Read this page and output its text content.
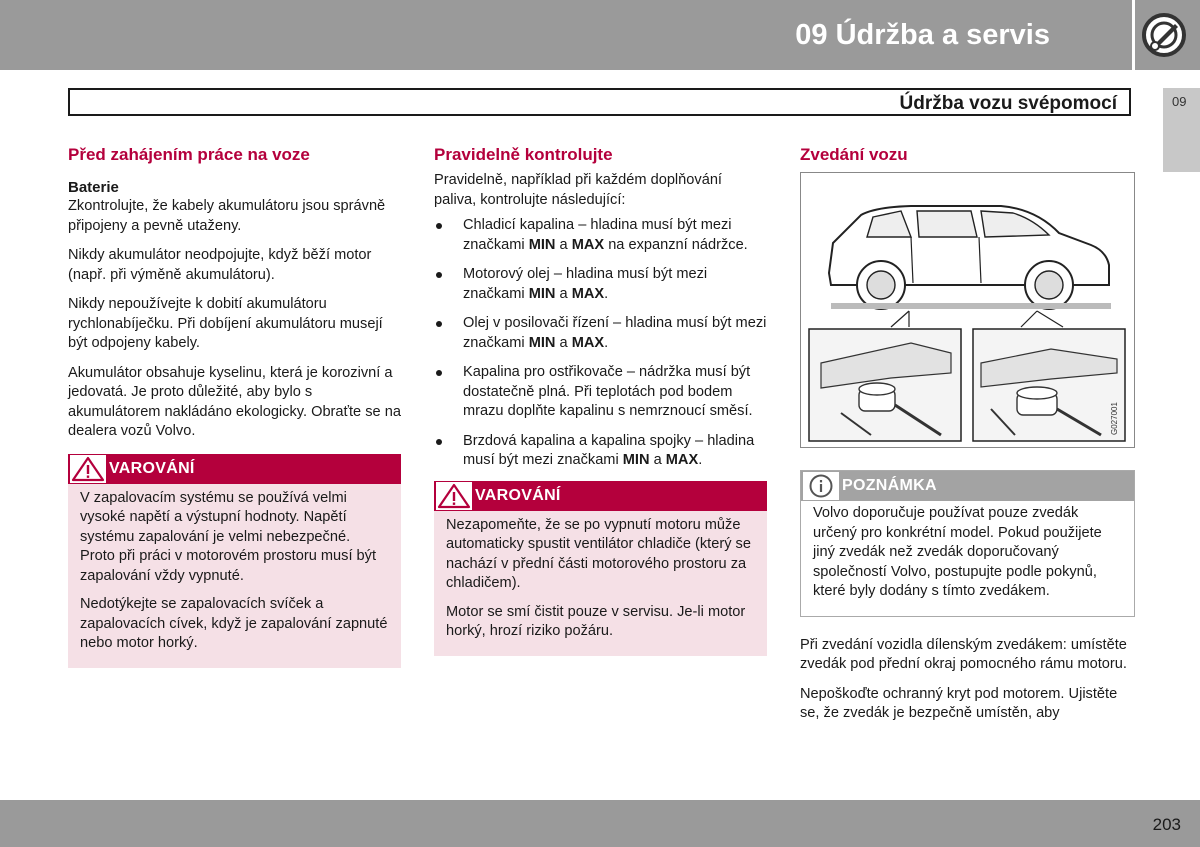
09 Údržba a servis
Údržba vozu svépomocí	09
Před zahájením práce na voze
Baterie

Zkontrolujte, že kabely akumulátoru jsou správně připojeny a pevně utaženy.

Nikdy akumulátor neodpojujte, když běží motor (např. při výměně akumulátoru).

Nikdy nepoužívejte k dobití akumulátoru rychlonabíječku. Při dobíjení akumulátoru musejí být odpojeny kabely.

Akumulátor obsahuje kyselinu, která je korozivní a jedovatá. Je proto důležité, aby bylo s akumulátorem nakládáno ekologicky. Obraťte se na dealera vozů Volvo.

VAROVÁNÍ

V zapalovacím systému se používá velmi vysoké napětí a výstupní hodnoty. Napětí systému zapalování je velmi nebezpečné. Proto při práci v motorovém prostoru musí být zapalování vždy vypnuté.

Nedotýkejte se zapalovacích svíček a zapalovacích cívek, když je zapalování zapnuté nebo motor horký.

Pravidelně kontrolujte

Pravidelně, například při každém doplňování paliva, kontrolujte následující:

Chladicí kapalina – hladina musí být mezi značkami MIN a MAX na expanzní nádržce.
Motorový olej – hladina musí být mezi značkami MIN a MAX.
Olej v posilovači řízení – hladina musí být mezi značkami MIN a MAX.
Kapalina pro ostřikovače – nádržka musí být dostatečně plná. Při teplotách pod bodem mrazu doplňte kapalinu s nemrznoucí směsí.
Brzdová kapalina a kapalina spojky – hladina musí být mezi značkami MIN a MAX.
VAROVÁNÍ

Nezapomeňte, že se po vypnutí motoru může automaticky spustit ventilátor chladiče (který se nachází v přední části motorového prostoru za chladičem).

Motor se smí čistit pouze v servisu. Je-li motor horký, hrozí riziko požáru.

Zvedání vozu
G027001
POZNÁMKA

Volvo doporučuje používat pouze zvedák určený pro konkrétní model. Pokud použijete jiný zvedák než zvedák doporučovaný společností Volvo, postupujte podle pokynů, které byly dodány s tímto zvedákem.

Při zvedání vozidla dílenským zvedákem: umístěte zvedák pod přední okraj pomocného rámu motoru.

Nepoškoďte ochranný kryt pod motorem. Ujistěte se, že zvedák je bezpečně umístěn, aby

203
